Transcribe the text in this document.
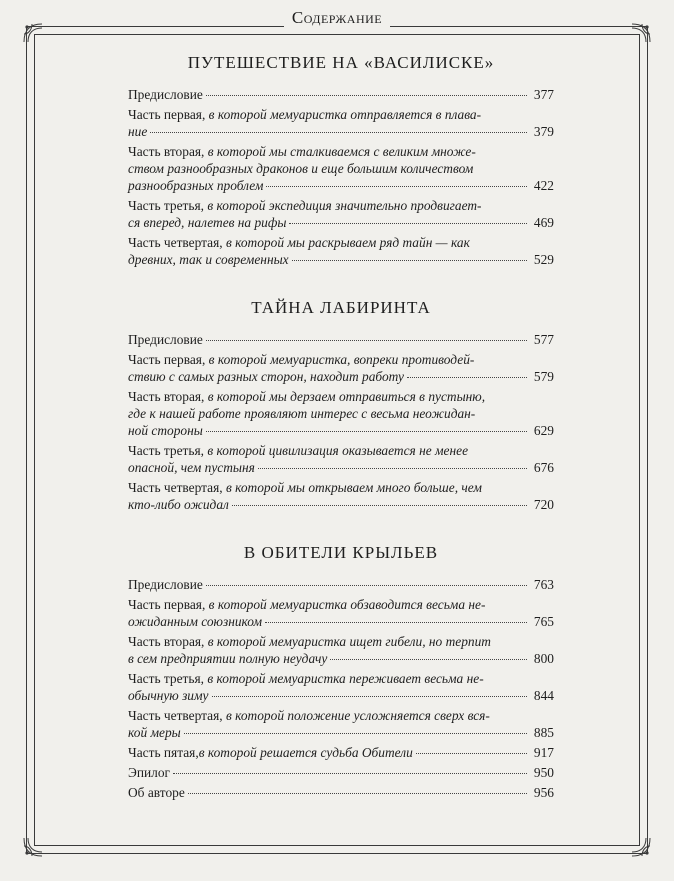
Содержание
ПУТЕШЕСТВИЕ НА «ВАСИЛИСКЕ»
Предисловие	377
Часть первая, в которой мемуаристка отправляется в плава-
ние	379
Часть вторая, в которой мы сталкиваемся с великим множе-
ством разнообразных драконов и еще большим количеством
разнообразных проблем	422
Часть третья, в которой экспедиция значительно продвигает-
ся вперед, налетев на рифы	469
Часть четвертая, в которой мы раскрываем ряд тайн — как
древних, так и современных	529
ТАЙНА ЛАБИРИНТА
Предисловие	577
Часть первая, в которой мемуаристка, вопреки противодей-
ствию с самых разных сторон, находит работу	579
Часть вторая, в которой мы дерзаем отправиться в пустыню,
где к нашей работе проявляют интерес с весьма неожидан-
ной стороны	629
Часть третья, в которой цивилизация оказывается не менее
опасной, чем пустыня	676
Часть четвертая, в которой мы открываем много больше, чем
кто-либо ожидал	720
В ОБИТЕЛИ КРЫЛЬЕВ
Предисловие	763
Часть первая, в которой мемуаристка обзаводится весьма не-
ожиданным союзником	765
Часть вторая, в которой мемуаристка ищет гибели, но терпит
в сем предприятии полную неудачу	800
Часть третья, в которой мемуаристка переживает весьма не-
обычную зиму	844
Часть четвертая, в которой положение усложняется сверх вся-
кой меры	885
Часть пятая, в которой решается судьба Обители	917
Эпилог	950
Об авторе	956
